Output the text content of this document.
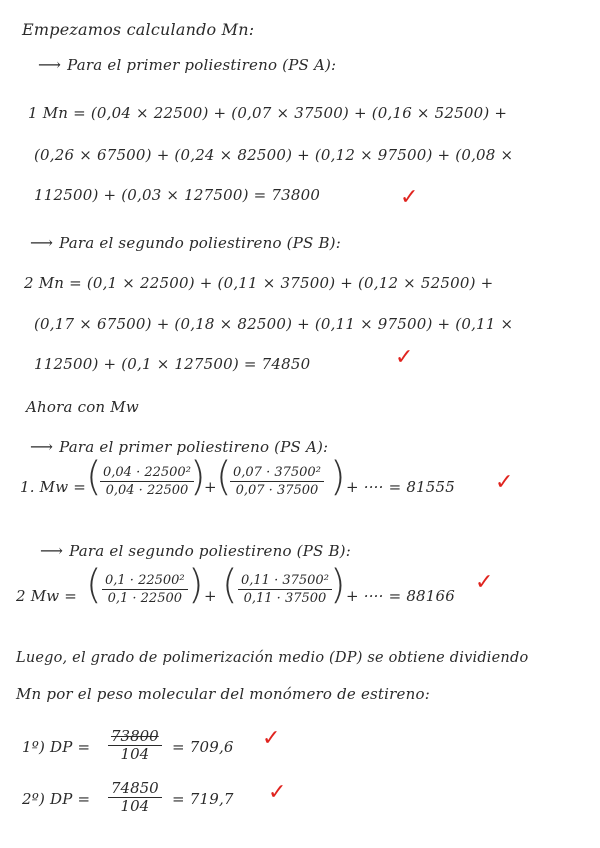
Empezamos calculando Mn:
⟶ Para el primer poliestireno (PS A):
1 Mn = (0,04 × 22500) + (0,07 × 37500) + (0,16 × 52500) +
(0,26 × 67500) + (0,24 × 82500) + (0,12 × 97500) + (0,08 ×
112500) + (0,03 × 127500) = 73800	✓
⟶ Para el segundo poliestireno (PS B):
2 Mn = (0,1 × 22500) + (0,11 × 37500) + (0,12 × 52500) +
(0,17 × 67500) + (0,18 × 82500) + (0,11 × 97500) + (0,11 ×
112500) + (0,1 × 127500) = 74850	✓
Ahora con Mw
⟶ Para el primer poliestireno (PS A):
1. Mw = (
$\frac{\text{0,04 · 22500²}}{0,04 \cdot 22500}$
)
+ (
$\frac{\text{0,07 · 37500²}}{0,07 \cdot 37500}$ ) + ···· = 81555 ✓
⟶ Para el segundo poliestireno (PS B):
2 Mw = ( $\frac{\text{0,1 · 22500²}}{0,1 \cdot 22500}$ ) + ( $\frac{\text{0,11 · 37500²}}{0,11 \cdot 37500}$
) + ···· = 88166
✓
Luego, el grado de polimerización medio (DP) se obtiene dividiendo
Mn por el peso molecular del monómero de estireno:
1º) DP = $\frac{73800}{104} = 709,6$ ✓
2º) DP = $\frac{74850}{104} = 719,7$ ✓
